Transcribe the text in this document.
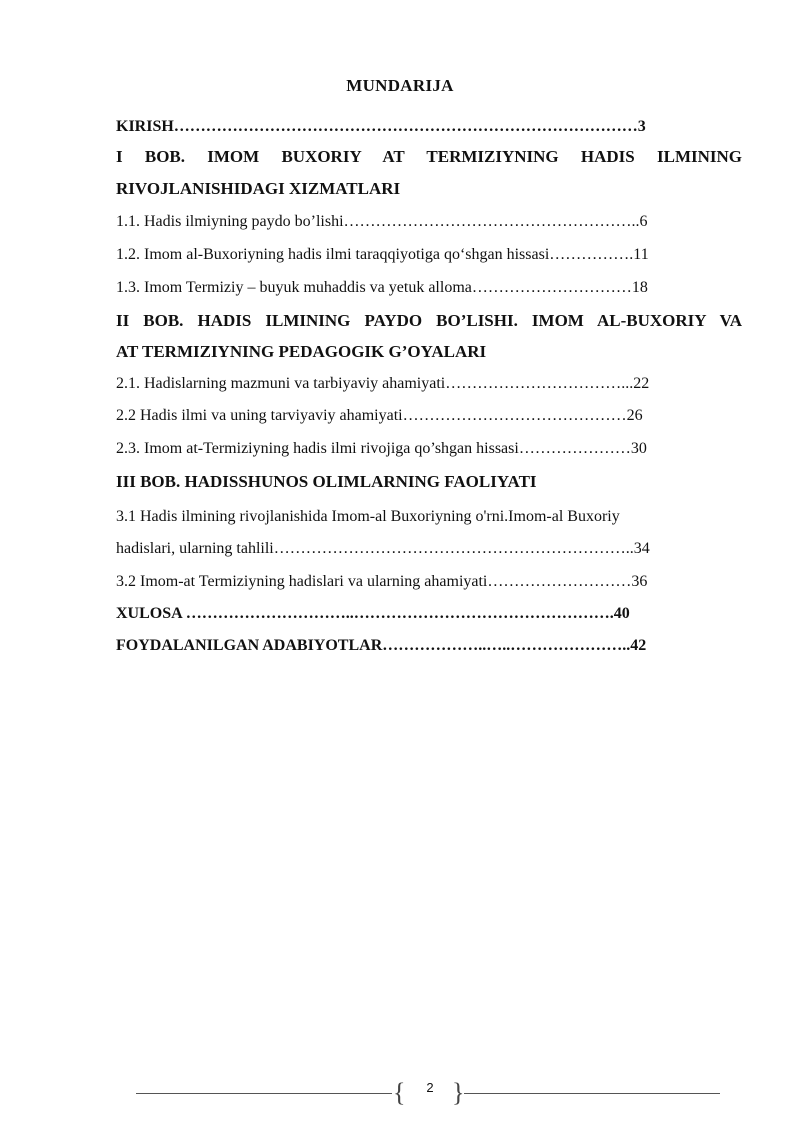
MUNDARIJA
KIRISH……………………………………………………………………………3
I BOB. IMOM BUXORIY AT TERMIZIYNING HADIS ILMINING
RIVOJLANISHIDAGI XIZMATLARI
1.1. Hadis ilmiyning paydo bo’lishi………………………………………………..6
1.2. Imom al-Buxoriyning hadis ilmi taraqqiyotiga qo‘shgan hissasi…………….11
1.3. Imom Termiziy – buyuk muhaddis va yetuk alloma…………………………18
II BOB. HADIS ILMINING PAYDO BO’LISHI. IMOM AL-BUXORIY VA
AT TERMIZIYNING PEDAGOGIK G’OYALARI
2.1. Hadislarning mazmuni va tarbiyaviy ahamiyati……………………………...22
2.2 Hadis ilmi va uning tarviyaviy ahamiyati……………………………………26
2.3. Imom at-Termiziyning hadis ilmi rivojiga qo’shgan hissasi…………………30
III BOB. HADISSHUNOS OLIMLARNING FAOLIYATI
3.1 Hadis ilmining rivojlanishida Imom-al Buxoriyning o'rni.Imom-al Buxoriy
hadislari, ularning tahlili…………………………………………………………..34
3.2 Imom-at Termiziyning hadislari va ularning ahamiyati………………………36
XULOSA …………………………..………………………………………….40
FOYDALANILGAN ADABIYOTLAR………………..…..…………………..42
{	2 }
